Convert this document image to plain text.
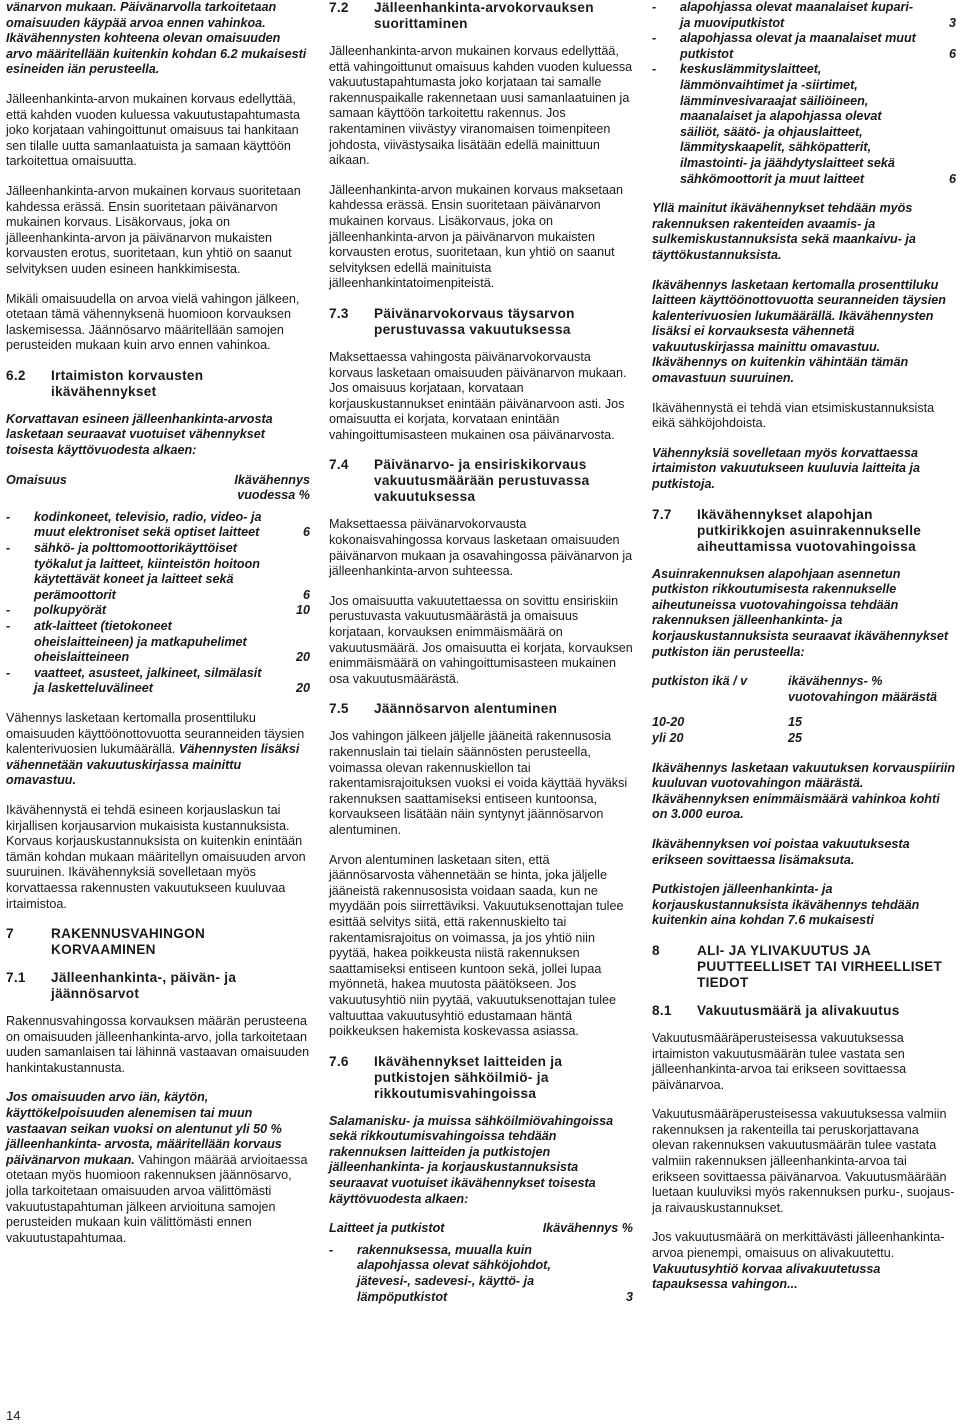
vänarvon mukaan. Päivänarvolla tarkoitetaan omaisuuden käypää arvoa ennen vahinkoa. Ikävähennysten kohteena olevan omaisuuden arvo määritellään kuitenkin kohdan 6.2 mukaisesti esineiden iän perusteella.

Jälleenhankinta-arvon mukainen korvaus edellyttää, että kahden vuoden kuluessa vakuutustapahtumasta joko korjataan vahingoittunut omaisuus tai hankitaan sen tilalle uutta samanlaatuista ja samaan käyttöön tarkoitettua omaisuutta.

Jälleenhankinta-arvon mukainen korvaus suoritetaan kahdessa erässä. Ensin suoritetaan päivänarvon mukainen korvaus. Lisäkorvaus, joka on jälleenhankinta-arvon ja päivänarvon mukaisten korvausten erotus, suoritetaan, kun yhtiö on saanut selvityksen uuden esineen hankkimisesta.

Mikäli omaisuudella on arvoa vielä vahingon jälkeen, otetaan tämä vähennyksenä huomioon korvauksen laskemisessa. Jäännösarvo määritellään samojen perusteiden mukaan kuin arvo ennen vahinkoa.

6.2	Irtaimiston korvausten ikävähennykset

Korvattavan esineen jälleenhankinta-arvosta lasketaan seuraavat vuotuiset vähennykset toisesta käyttövuodesta alkaen:

Omaisuus	Ikävähennys vuodessa %
-	kodinkoneet, televisio, radio, video- ja muut elektroniset sekä optiset laitteet	6
-	sähkö- ja polttomoottorikäyttöiset työkalut ja laitteet, kiinteistön hoitoon käytettävät koneet ja laitteet sekä perämoottorit	6
-	polkupyörät	10
-	atk-laitteet (tietokoneet oheislaitteineen) ja matkapuhelimet oheislaitteineen	20
-	vaatteet, asusteet, jalkineet, silmälasit ja lasketteluvälineet	20

Vähennys lasketaan kertomalla prosenttiluku omaisuuden käyttöönottovuotta seuranneiden täysien kalenterivuosien lukumäärällä. Vähennysten lisäksi vähennetään vakuutuskirjassa mainittu omavastuu.

Ikävähennystä ei tehdä esineen korjauslaskun tai kirjallisen korjausarvion mukaisista kustannuksista. Korvaus korjauskustannuksista on kuitenkin enintään tämän kohdan mukaan määritellyn omaisuuden arvon suuruinen. Ikävähennyksiä sovelletaan myös korvattaessa rakennusten vakuutukseen kuuluvaa irtaimistoa.

7	RAKENNUSVAHINGON KORVAAMINEN
7.1	Jälleenhankinta-, päivän- ja jäännösarvot

Rakennusvahingossa korvauksen määrän perusteena on omaisuuden jälleenhankinta-arvo, jolla tarkoitetaan uuden samanlaisen tai lähinnä vastaavan omaisuuden hankintakustannusta.

Jos omaisuuden arvo iän, käytön, käyttökelpoisuuden alenemisen tai muun vastaavan seikan vuoksi on alentunut yli 50 % jälleenhankinta- arvosta, määritellään korvaus päivänarvon mukaan. Vahingon määrää arvioitaessa otetaan myös huomioon rakennuksen jäännösarvo, jolla tarkoitetaan omaisuuden arvoa välittömästi vakuutustapahtuman jälkeen arvioituna samojen perusteiden mukaan kuin välittömästi ennen vakuutustapahtumaa.

7.2	Jälleenhankinta-arvokorvauksen suorittaminen

Jälleenhankinta-arvon mukainen korvaus edellyttää, että vahingoittunut omaisuus kahden vuoden kuluessa vakuutustapahtumasta joko korjataan tai samalle rakennuspaikalle rakennetaan uusi samanlaatuinen ja samaan käyttöön tarkoitettu rakennus. Jos rakentaminen viivästyy viranomaisen toimenpiteen johdosta, viivästysaika lisätään edellä mainittuun aikaan.

Jälleenhankinta-arvon mukainen korvaus maksetaan kahdessa erässä. Ensin suoritetaan päivänarvon mukainen korvaus. Lisäkorvaus, joka on jälleenhankinta-arvon ja päivänarvon mukaisten korvausten erotus, suoritetaan, kun yhtiö on saanut selvityksen edellä mainituista jälleenhankintatoimenpiteistä.

7.3	Päivänarvokorvaus täysarvon perustuvassa vakuutuksessa

Maksettaessa vahingosta päivänarvokorvausta korvaus lasketaan omaisuuden päivänarvon mukaan. Jos omaisuus korjataan, korvataan korjauskustannukset enintään päivänarvoon asti. Jos omaisuutta ei korjata, korvataan enintään vahingoittumisasteen mukainen osa päivänarvosta.

7.4	Päivänarvo- ja ensiriskikorvaus vakuutusmäärään perustuvassa vakuutuksessa

Maksettaessa päivänarvokorvausta kokonaisvahingossa korvaus lasketaan omaisuuden päivänarvon mukaan ja osavahingossa päivänarvon ja jälleenhankinta-arvon suhteessa.

Jos omaisuutta vakuutettaessa on sovittu ensiriskiin perustuvasta vakuutusmäärästä ja omaisuus korjataan, korvauksen enimmäismäärä on vakuutusmäärä. Jos omaisuutta ei korjata, korvauksen enimmäismäärä on vahingoittumisasteen mukainen osa vakuutusmäärästä.

7.5	Jäännösarvon alentuminen

Jos vahingon jälkeen jäljelle jääneitä rakennusosia rakennuslain tai tielain säännösten perusteella, voimassa olevan rakennuskiellon tai rakentamisrajoituksen vuoksi ei voida käyttää hyväksi rakennuksen saattamiseksi entiseen kuntoonsa, korvaukseen lisätään näin syntynyt jäännösarvon alentuminen.

Arvon alentuminen lasketaan siten, että jäännösarvosta vähennetään se hinta, joka jäljelle jääneistä rakennusosista voidaan saada, kun ne myydään pois siirrettäviksi. Vakuutuksenottajan tulee esittää selvitys siitä, että rakennuskielto tai rakentamisrajoitus on voimassa, ja jos yhtiö niin pyytää, hakea poikkeusta niistä rakennuksen saattamiseksi entiseen kuntoon sekä, jollei lupaa myönnetä, hakea muutosta päätökseen. Jos vakuutusyhtiö niin pyytää, vakuutuksenottajan tulee valtuuttaa vakuutusyhtiö edustamaan häntä poikkeuksen hakemista koskevassa asiassa.

7.6	Ikävähennykset laitteiden ja putkistojen sähköilmiö- ja rikkoutumisvahingoissa

Salamanisku- ja muissa sähköilmiövahingoissa sekä rikkoutumisvahingoissa tehdään rakennuksen laitteiden ja putkistojen jälleenhankinta- ja korjauskustannuksista seuraavat vuotuiset ikävähennykset toisesta käyttövuodesta alkaen:

Laitteet ja putkistot	Ikävähennys %
-	rakennuksessa, muualla kuin alapohjassa olevat sähköjohdot, jätevesi-, sadevesi-, käyttö- ja lämpöputkistot	3
-	alapohjassa olevat maanalaiset kupari- ja muoviputkistot	3
-	alapohjassa olevat ja maanalaiset muut putkistot	6
-	keskuslämmityslaitteet, lämmönvaihtimet ja -siirtimet, lämminvesivaraajat säiliöineen, maanalaiset ja alapohjassa olevat säiliöt, säätö- ja ohjauslaitteet, lämmityskaapelit, sähköpatterit, ilmastointi- ja jäähdytyslaitteet sekä sähkömoottorit ja muut laitteet	6

Yllä mainitut ikävähennykset tehdään myös rakennuksen rakenteiden avaamis- ja sulkemiskustannuksista sekä maankaivu- ja täyttökustannuksista.

Ikävähennys lasketaan kertomalla prosenttiluku laitteen käyttöönottovuotta seuranneiden täysien kalenterivuosien lukumäärällä. Ikävähennysten lisäksi ei korvauksesta vähennetä vakuutuskirjassa mainittu omavastuu. Ikävähennys on kuitenkin vähintään tämän omavastuun suuruinen.

Ikävähennystä ei tehdä vian etsimiskustannuksista eikä sähköjohdoista.

Vähennyksiä sovelletaan myös korvattaessa irtaimiston vakuutukseen kuuluvia laitteita ja putkistoja.

7.7	Ikävähennykset alapohjan putkirikkojen asuinrakennukselle aiheuttamissa vuotovahingoissa

Asuinrakennuksen alapohjaan asennetun putkiston rikkoutumisesta rakennukselle aiheutuneissa vuotovahingoissa tehdään rakennuksen jälleenhankinta- ja korjauskustannuksista seuraavat ikävähennykset putkiston iän perusteella:

putkiston ikä / v	ikävähennys- % vuotovahingon määrästä
10-20	15
yli 20	25

Ikävähennys lasketaan vakuutuksen korvauspiiriin kuuluvan vuotovahingon määrästä. Ikävähennyksen enimmäismäärä vahinkoa kohti on 3.000 euroa.

Ikävähennyksen voi poistaa vakuutuksesta erikseen sovittaessa lisämaksuta.

Putkistojen jälleenhankinta- ja korjauskustannuksista ikävähennys tehdään kuitenkin aina kohdan 7.6 mukaisesti

8	ALI- JA YLIVAKUUTUS JA PUUTTEELLISET TAI VIRHEELLISET TIEDOT
8.1	Vakuutusmäärä ja alivakuutus

Vakuutusmääräperusteisessa vakuutuksessa irtaimiston vakuutusmäärän tulee vastata sen jälleenhankinta-arvoa tai erikseen sovittaessa päivänarvoa.

Vakuutusmääräperusteisessa vakuutuksessa valmiin rakennuksen ja rakenteilla tai peruskorjattavana olevan rakennuksen vakuutusmäärän tulee vastata valmiin rakennuksen jälleenhankinta-arvoa tai erikseen sovittaessa päivänarvoa. Vakuutusmäärään luetaan kuuluviksi myös rakennuksen purku-, suojaus- ja raivauskustannukset.

Jos vakuutusmäärä on merkittävästi jälleenhankinta-arvoa pienempi, omaisuus on alivakuutettu. Vakuutusyhtiö korvaa alivakuutetussa tapauksessa vahingon...

14
